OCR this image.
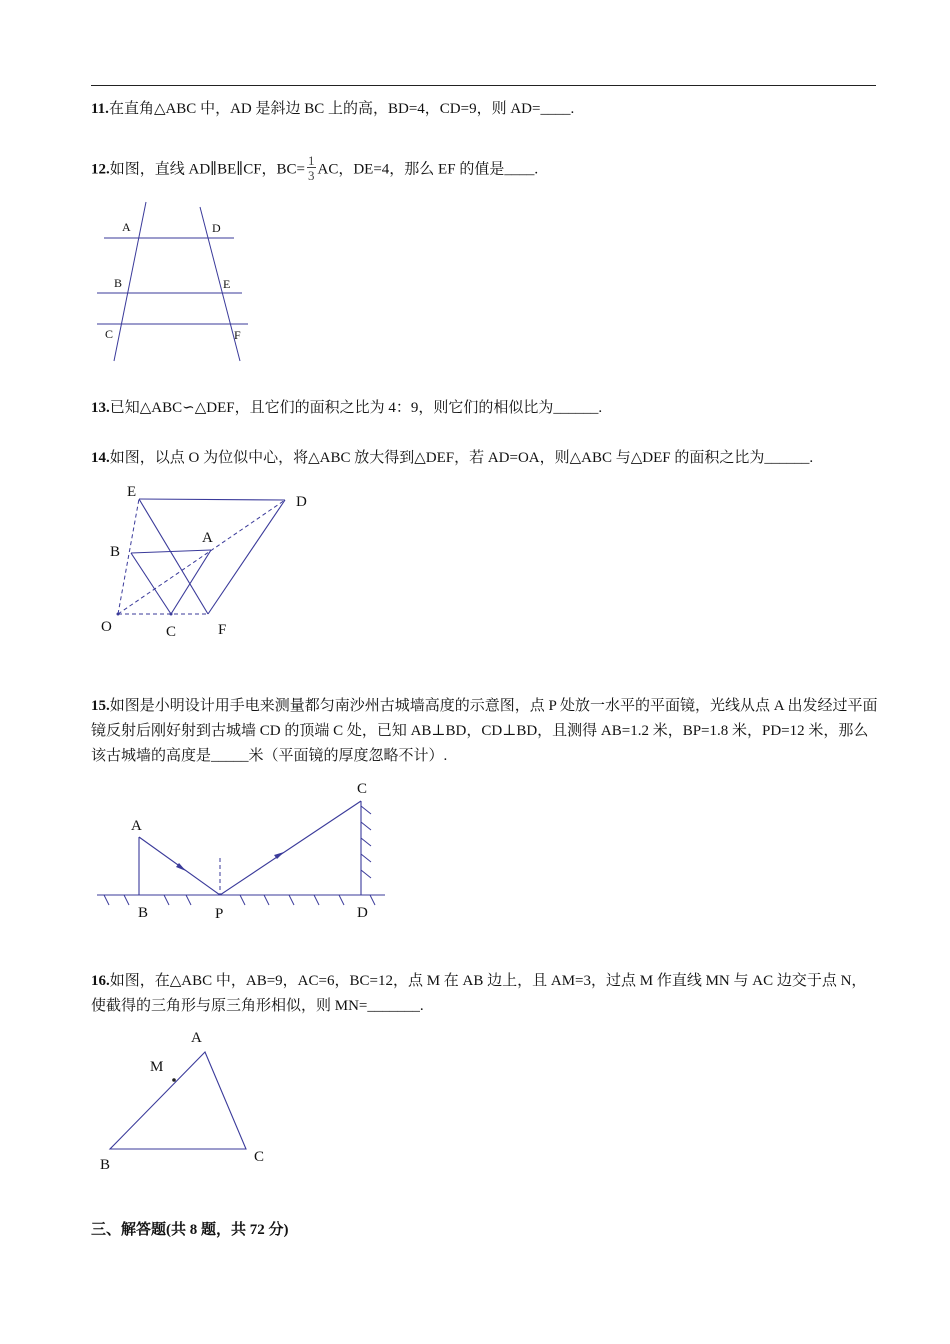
11.在直角△ABC 中，AD 是斜边 BC 上的高，BD=4，CD=9，则 AD=____.
12.如图，直线 AD∥BE∥CF，$BC= \frac{1}{3}$ AC，DE=4，那么 EF 的值是____.
A	D
B	E
C	F
13.已知△ABC∽△DEF，且它们的面积之比为 4：9，则它们的相似比为______.
14.如图，以点 O 为位似中心，将△ABC 放大得到△DEF，若 AD=OA，则△ABC 与△DEF 的面积之比为______.
E
D
B
A
O	C	F
15.如图是小明设计用手电来测量都匀南沙州古城墙高度的示意图，点 P 处放一水平的平面镜，光线从点 A 出发经过平面镜反射后刚好射到古城墙 CD 的顶端 C 处，已知 AB⊥BD，CD⊥BD，且测得 AB=1.2 米，BP=1.8 米，PD=12 米，那么该古城墙的高度是_____米（平面镜的厚度忽略不计）.
A
B	P
C
D
16.如图，在△ABC 中，AB=9，AC=6，BC=12，点 M 在 AB 边上，且 AM=3，过点 M 作直线 MN 与 AC 边交于点 N，使截得的三角形与原三角形相似，则 MN=_______.
A
M
B	C
三、解答题(共 8 题，共 72 分)
